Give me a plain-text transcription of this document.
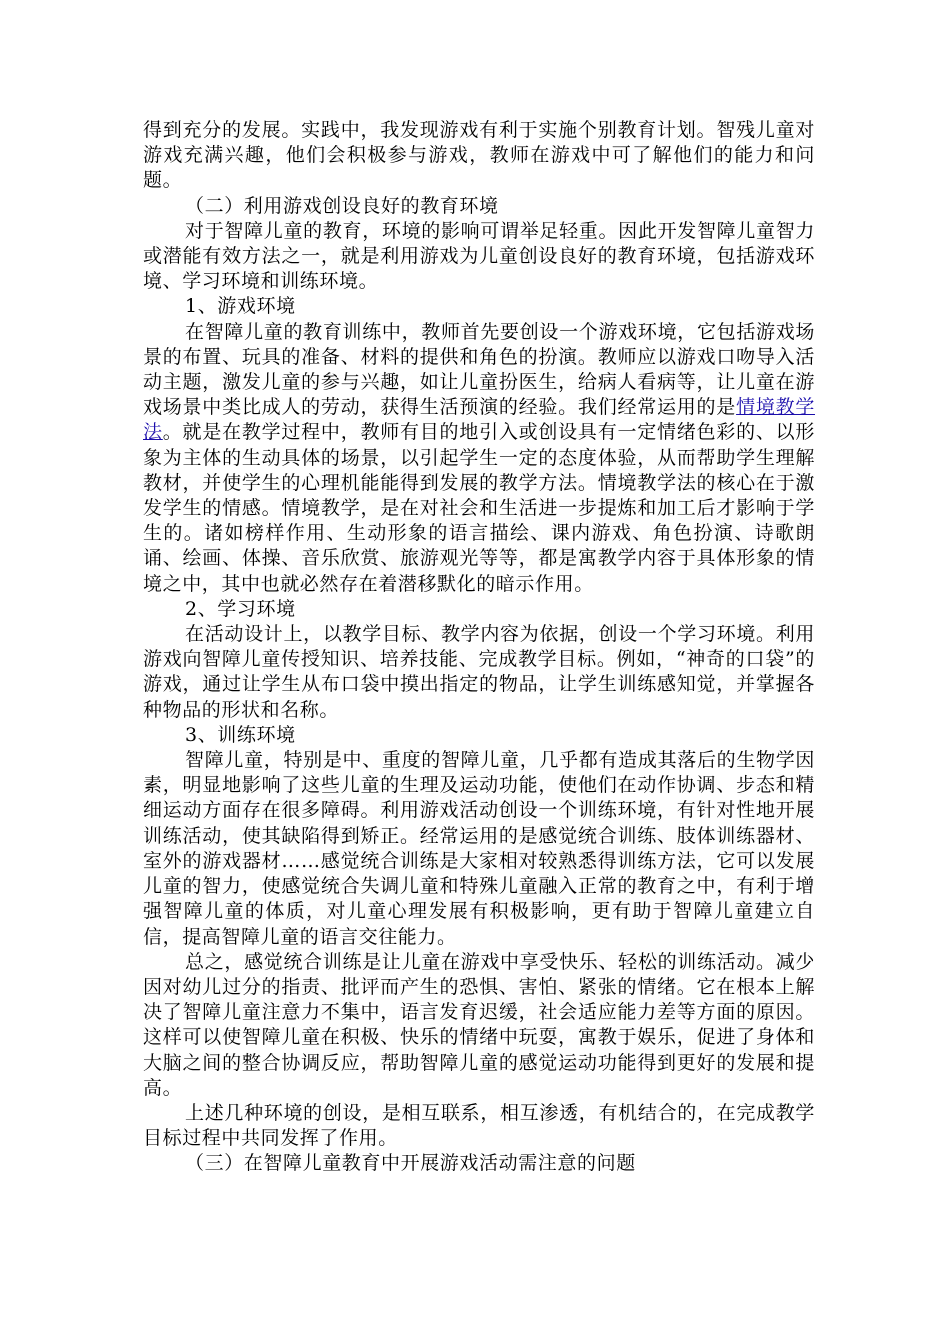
得到充分的发展。实践中，我发现游戏有利于实施个别教育计划。智残儿童对游戏充满兴趣，他们会积极参与游戏，教师在游戏中可了解他们的能力和问题。

（二）利用游戏创设良好的教育环境

对于智障儿童的教育，环境的影响可谓举足轻重。因此开发智障儿童智力或潜能有效方法之一，就是利用游戏为儿童创设良好的教育环境，包括游戏环境、学习环境和训练环境。

1、游戏环境

在智障儿童的教育训练中，教师首先要创设一个游戏环境，它包括游戏场景的布置、玩具的准备、材料的提供和角色的扮演。教师应以游戏口吻导入活动主题，激发儿童的参与兴趣，如让儿童扮医生，给病人看病等，让儿童在游戏场景中类比成人的劳动，获得生活预演的经验。我们经常运用的是情境教学法。就是在教学过程中，教师有目的地引入或创设具有一定情绪色彩的、以形象为主体的生动具体的场景，以引起学生一定的态度体验，从而帮助学生理解教材，并使学生的心理机能能得到发展的教学方法。情境教学法的核心在于激发学生的情感。情境教学，是在对社会和生活进一步提炼和加工后才影响于学生的。诸如榜样作用、生动形象的语言描绘、课内游戏、角色扮演、诗歌朗诵、绘画、体操、音乐欣赏、旅游观光等等，都是寓教学内容于具体形象的情境之中，其中也就必然存在着潜移默化的暗示作用。

2、学习环境

在活动设计上，以教学目标、教学内容为依据，创设一个学习环境。利用游戏向智障儿童传授知识、培养技能、完成教学目标。例如，“神奇的口袋”的游戏，通过让学生从布口袋中摸出指定的物品，让学生训练感知觉，并掌握各种物品的形状和名称。

3、训练环境

智障儿童，特别是中、重度的智障儿童，几乎都有造成其落后的生物学因素，明显地影响了这些儿童的生理及运动功能，使他们在动作协调、步态和精细运动方面存在很多障碍。利用游戏活动创设一个训练环境，有针对性地开展训练活动，使其缺陷得到矫正。经常运用的是感觉统合训练、肢体训练器材、室外的游戏器材……感觉统合训练是大家相对较熟悉得训练方法，它可以发展儿童的智力，使感觉统合失调儿童和特殊儿童融入正常的教育之中，有利于增强智障儿童的体质，对儿童心理发展有积极影响，更有助于智障儿童建立自信，提高智障儿童的语言交往能力。

总之，感觉统合训练是让儿童在游戏中享受快乐、轻松的训练活动。减少因对幼儿过分的指责、批评而产生的恐惧、害怕、紧张的情绪。它在根本上解决了智障儿童注意力不集中，语言发育迟缓，社会适应能力差等方面的原因。这样可以使智障儿童在积极、快乐的情绪中玩耍，寓教于娱乐，促进了身体和大脑之间的整合协调反应，帮助智障儿童的感觉运动功能得到更好的发展和提高。

上述几种环境的创设，是相互联系，相互渗透，有机结合的，在完成教学目标过程中共同发挥了作用。

（三）在智障儿童教育中开展游戏活动需注意的问题
